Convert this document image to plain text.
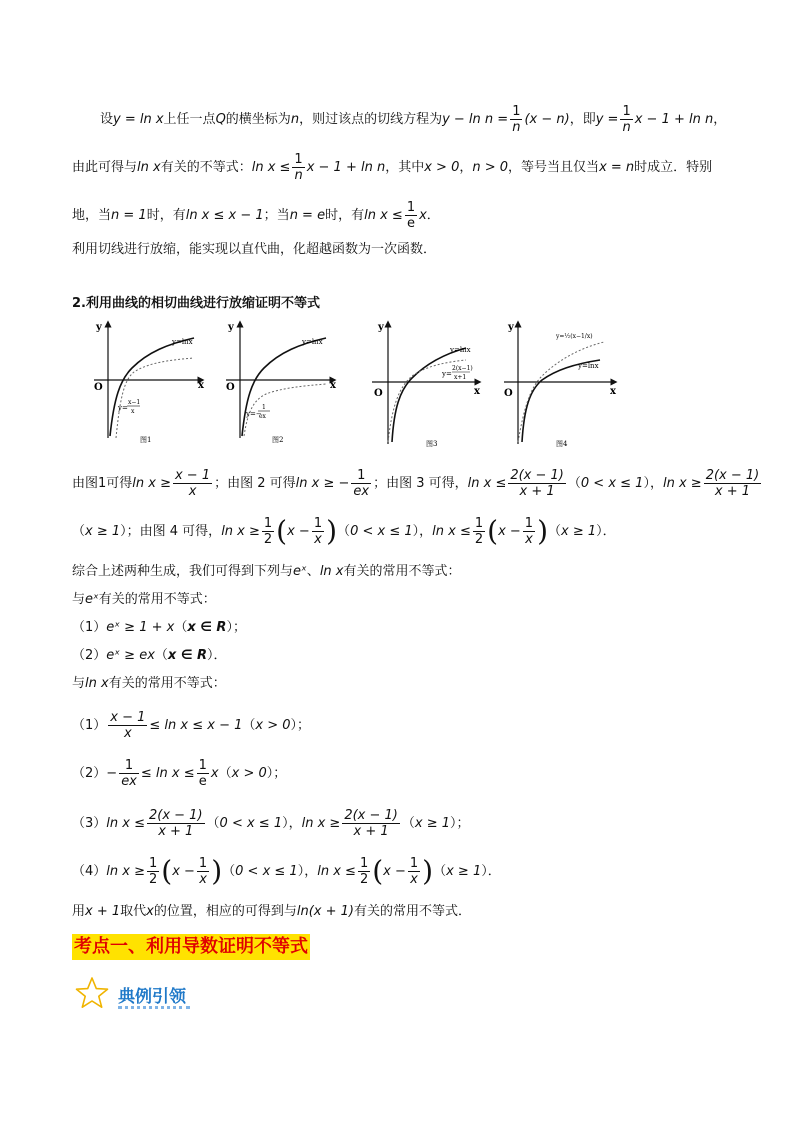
设y = ln x上任一点Q的横坐标为n，则过该点的切线方程为$y - \ln n = \frac{1}{n} (x - n)$，即$y = \frac{1}{n}$ x − 1 + ln n，
由此可得与ln x有关的不等式：$\ln x \le \frac{1}{n}$ x − 1 + ln n，其中x > 0，n > 0，等号当且仅当x = n时成立．特别
地，当n = 1时，有ln x ≤ x − 1；当n = e时，有$\ln x \le \frac{1}{e}$ x．
利用切线进行放缩，能实现以直代曲，化超越函数为一次函数．
2.利用曲线的相切曲线进行放缩证明不等式
y
x
O
y=lnx
y=
x−1
x
图1
y
x
O
y=lnx
y=−
1
ex
图2
y
x
O
y=lnx
y=
2(x−1)
x+1
图3
y
x
O
y=½(x−1/x)
y=lnx
图4
由图1可得$\ln x \ge \frac{x - 1}{x}$ ；由图 2 可得ln x ≥ − $\frac{1}{ex}$ ；由图 3 可得，$\ln x \le \frac{2(x - 1)}{x + 1} (0 < x \le 1)$，$\ln x \ge \frac{2(x - 1)}{x + 1}$
（x ≥ 1）；由图 4 可得，$\ln x \ge \frac{1}{2} (x - \frac{1}{x} )(0 < x \le 1)$，$\ln x \le \frac{1}{2} (x - \frac{1}{x} )(x \ge 1)$．
综合上述两种生成，我们可得到下列与eˣ、ln x有关的常用不等式：
与eˣ有关的常用不等式：
（1）eˣ ≥ 1 + x（x ∈ R）；
（2）eˣ ≥ ex（x ∈ R）．
与ln x有关的常用不等式：
$(1) \frac{x - 1}{x} \le \ln x \le x - 1(x > 0)$；
$(2)- \frac{1}{ex} \le \ln x \le \frac{1}{e} x(x > 0)$；
（3）ln $x \le \frac{2(x - 1)}{x + 1} (0 < x \le 1)$，$\ln x \ge \frac{2(x - 1)}{x + 1} (x \ge 1)$；
（4）ln $x \ge \frac{1}{2} (x - \frac{1}{x} )(0 < x \le 1)$，$\ln x \le \frac{1}{2} (x - \frac{1}{x} )(x \ge 1)$．
用x + 1取代x的位置，相应的可得到与ln(x + 1)有关的常用不等式．
考点一、利用导数证明不等式
典例引领
